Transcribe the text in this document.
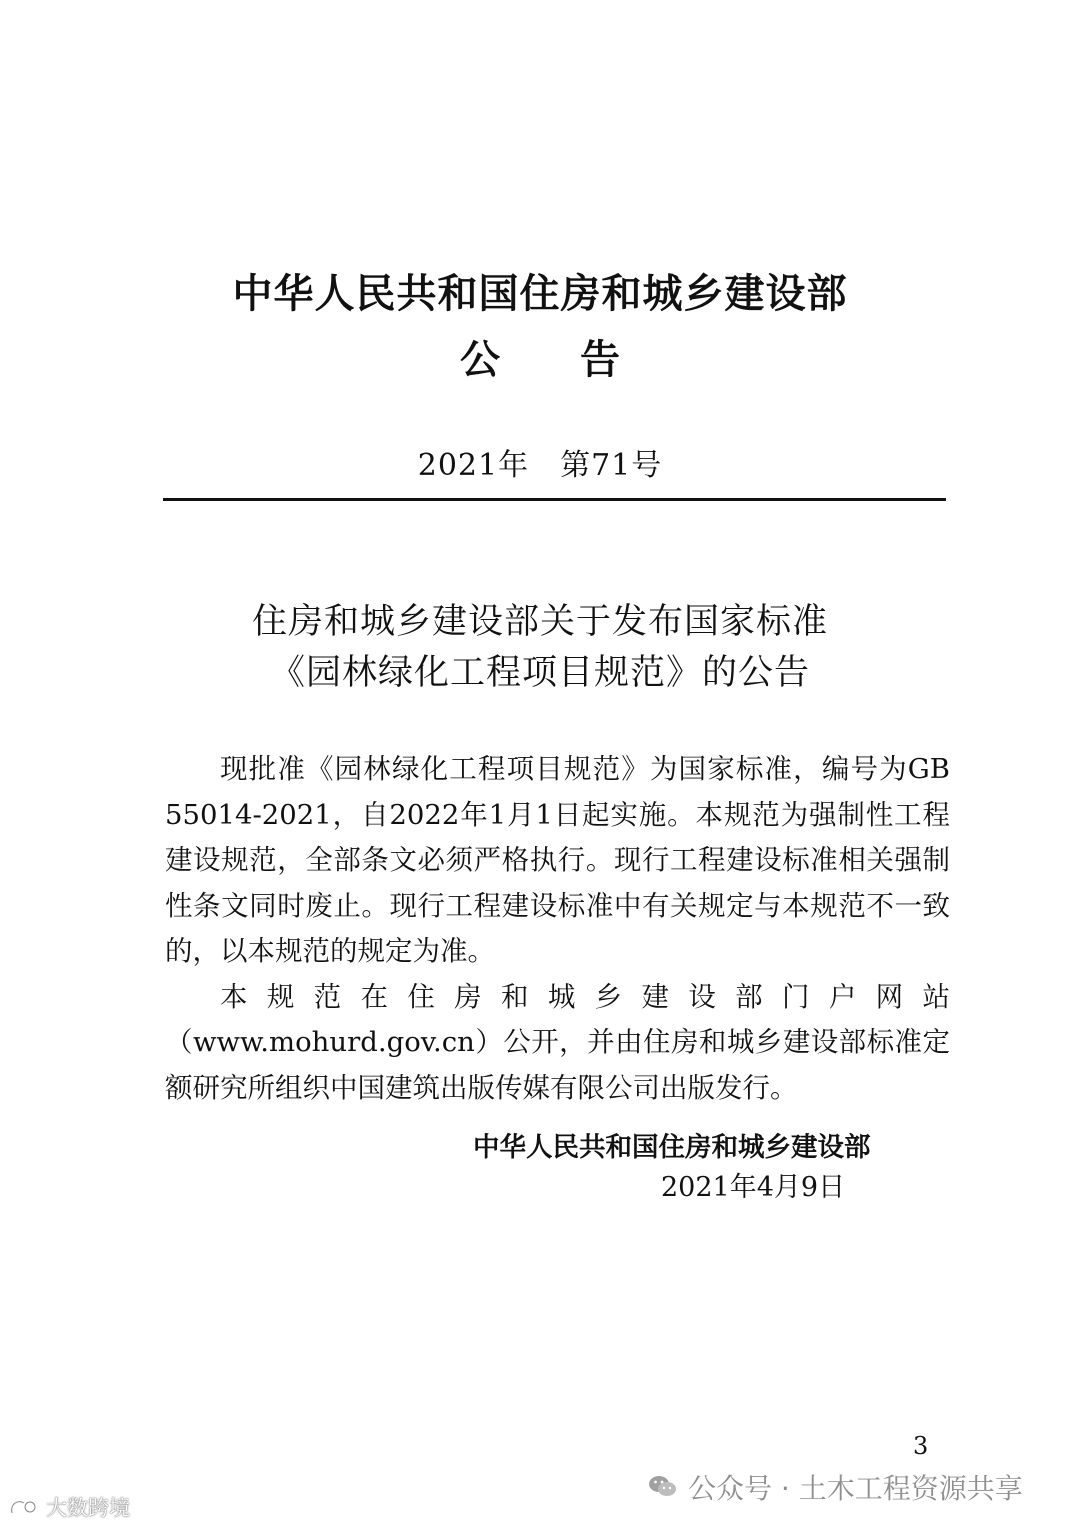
中华人民共和国住房和城乡建设部
公告
2021年　第71号
住房和城乡建设部关于发布国家标准
《园林绿化工程项目规范》的公告

现批准《园林绿化工程项目规范》为国家标准，编号为GB 55014-2021，自2022年1月1日起实施。本规范为强制性工程建设规范，全部条文必须严格执行。现行工程建设标准相关强制性条文同时废止。现行工程建设标准中有关规定与本规范不一致的，以本规范的规定为准。

本规范在住房和城乡建设部门户网站（www.mohurd.gov.cn）公开，并由住房和城乡建设部标准定额研究所组织中国建筑出版传媒有限公司出版发行。

中华人民共和国住房和城乡建设部
2021年4月9日
3
公众号 · 土木工程资源共享
大数跨境
